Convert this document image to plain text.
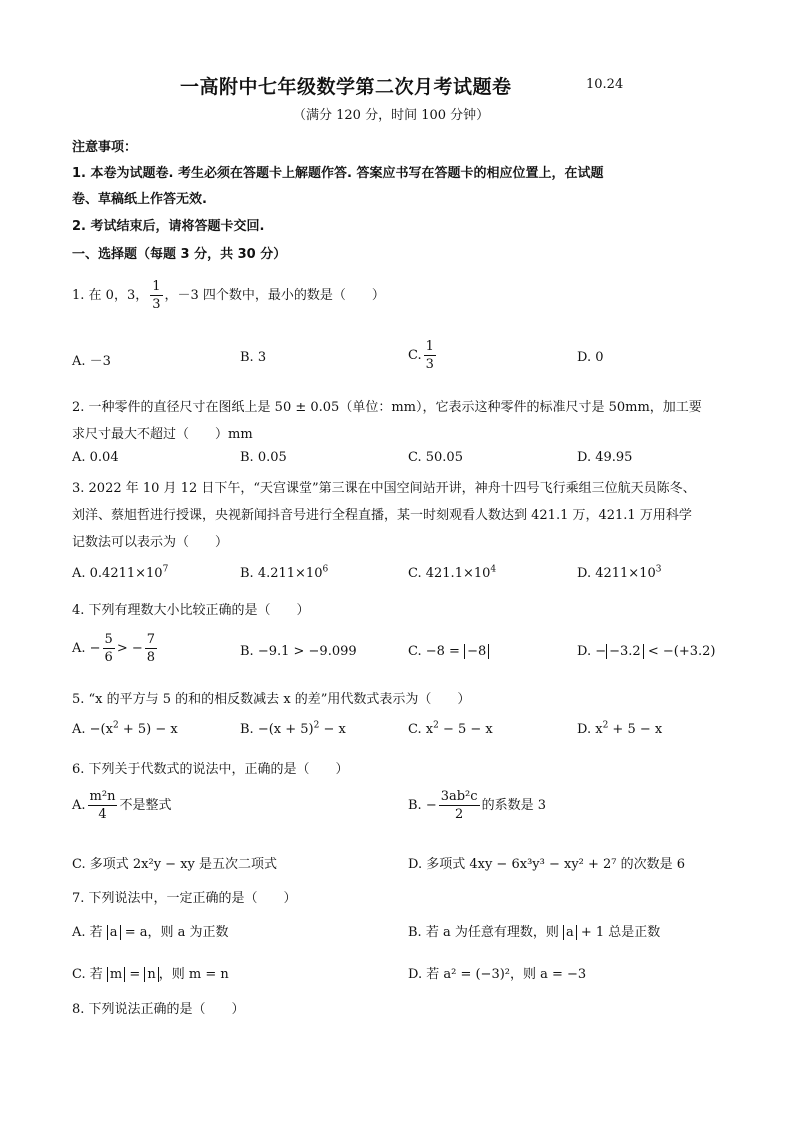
一高附中七年级数学第二次月考试题卷	10.24
（满分 120 分，时间 100 分钟）
注意事项：
1. 本卷为试题卷. 考生必须在答题卡上解题作答. 答案应书写在答题卡的相应位置上，在试题
卷、草稿纸上作答无效.
2. 考试结束后，请将答题卡交回.
一、选择题（每题 3 分，共 30 分）
1. 在 0，3， $\frac{1}{3}$ ，－3 四个数中，最小的数是（　　）
A. －3	B. 3	C. $\frac{1}{3}$	D. 0
2. 一种零件的直径尺寸在图纸上是 50 ± 0.05（单位：mm），它表示这种零件的标准尺寸是 50mm，加工要
求尺寸最大不超过（　　）mm
A. 0.04	B. 0.05	C. 50.05	D. 49.95
3. 2022 年 10 月 12 日下午，“天宫课堂”第三课在中国空间站开讲，神舟十四号飞行乘组三位航天员陈冬、
刘洋、蔡旭哲进行授课，央视新闻抖音号进行全程直播，某一时刻观看人数达到 421.1 万，421.1 万用科学
记数法可以表示为（　　）
A. $0.4211\times 10^7$	B. $4.211\times 10^6$	C. $421.1\times 10^4$	D. $4211\times 10^3$
4. 下列有理数大小比较正确的是（　　）
A. − $\frac{5}{6}$ > − $\frac{7}{8}$	B. −9.1 > −9.099	C. −8 = −8	D. − −3.2 < −(+3.2)
5. “x 的平方与 5 的和的相反数减去 x 的差”用代数式表示为（　　）
A. $-(x^2 + 5) - x$	B. $-(x + 5)^2 - x$	C. $x^2 - 5 - x$	D. $x^2 + 5 - x$
6. 下列关于代数式的说法中，正确的是（　　）
A. $\frac{\text{m²n}}{4}$ 不是整式	B. − $\frac{\text{3ab²c}}{2}$ 的系数是 3
C. 多项式 2x²y − xy 是五次二项式	D. 多项式 4xy − 6x³y³ − xy² + 2⁷ 的次数是 6
7. 下列说法中，一定正确的是（　　）
A. 若 a = a，则 a 为正数	B. 若 a 为任意有理数，则 a + 1 总是正数
C. 若 m = n ，则 m = n	D. 若 a² = (−3)²，则 a = −3
8. 下列说法正确的是（　　）
